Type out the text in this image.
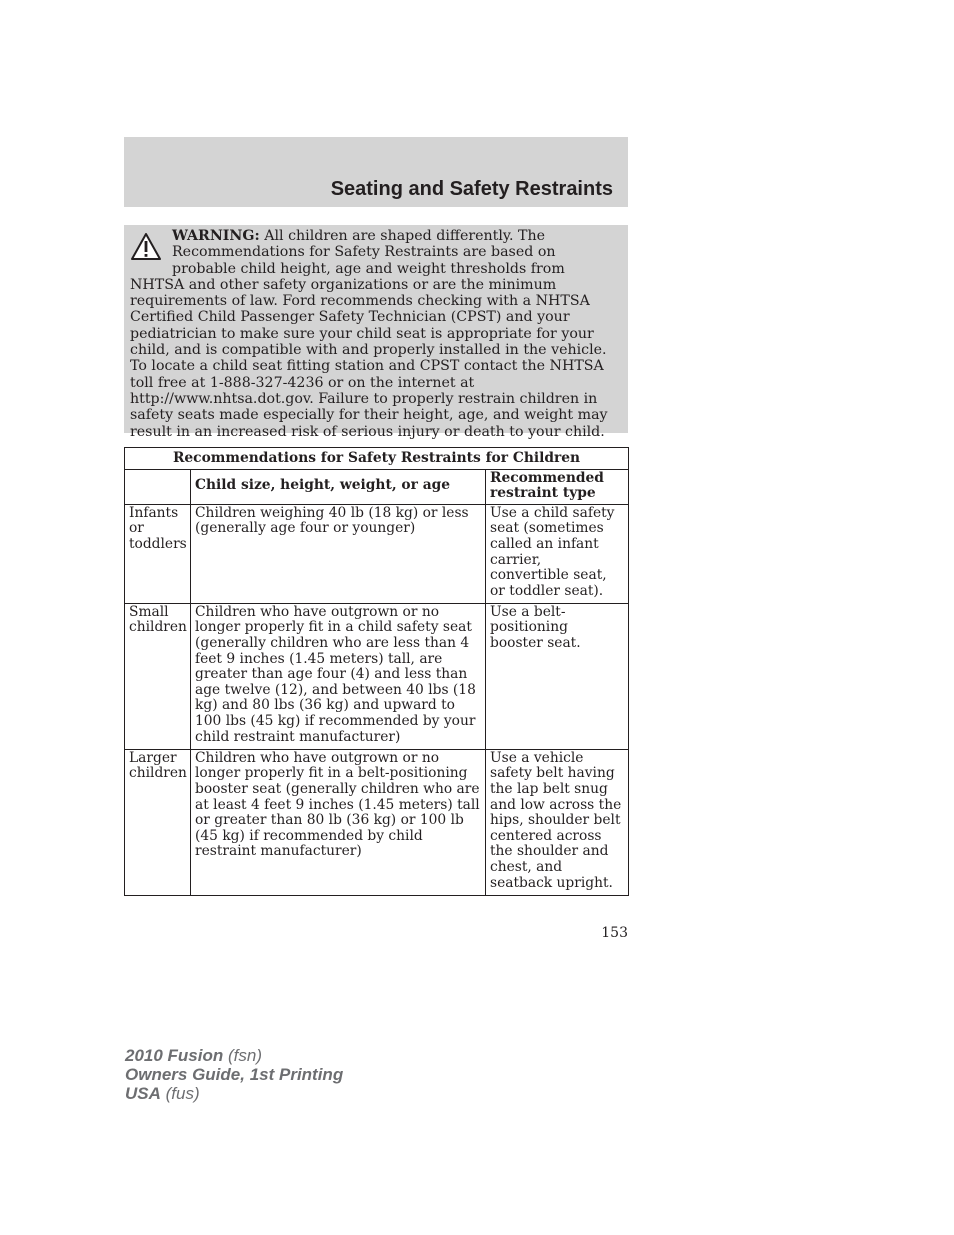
Seating and Safety Restraints
WARNING: All children are shaped differently. The Recommendations for Safety Restraints are based on probable child height, age and weight thresholds from NHTSA and other safety organizations or are the minimum requirements of law. Ford recommends checking with a NHTSA Certified Child Passenger Safety Technician (CPST) and your pediatrician to make sure your child seat is appropriate for your child, and is compatible with and properly installed in the vehicle. To locate a child seat fitting station and CPST contact the NHTSA toll free at 1-888-327-4236 or on the internet at http://www.nhtsa.dot.gov. Failure to properly restrain children in safety seats made especially for their height, age, and weight may result in an increased risk of serious injury or death to your child.
Recommendations for Safety Restraints for Children		
	Child size, height, weight, or age	Recommended restraint type
Infants or toddlers	Children weighing 40 lb (18 kg) or less (generally age four or younger)	Use a child safety seat (sometimes called an infant carrier, convertible seat, or toddler seat).
Small children	Children who have outgrown or no longer properly fit in a child safety seat (generally children who are less than 4 feet 9 inches (1.45 meters) tall, are greater than age four (4) and less than age twelve (12), and between 40 lbs (18 kg) and 80 lbs (36 kg) and upward to 100 lbs (45 kg) if recommended by your child restraint manufacturer)	Use a belt-positioning booster seat.
Larger children	Children who have outgrown or no longer properly fit in a belt-positioning booster seat (generally children who are at least 4 feet 9 inches (1.45 meters) tall or greater than 80 lb (36 kg) or 100 lb (45 kg) if recommended by child restraint manufacturer)	Use a vehicle safety belt having the lap belt snug and low across the hips, shoulder belt centered across the shoulder and chest, and seatback upright.
153
2010 Fusion (fsn)
Owners Guide, 1st Printing
USA (fus)
